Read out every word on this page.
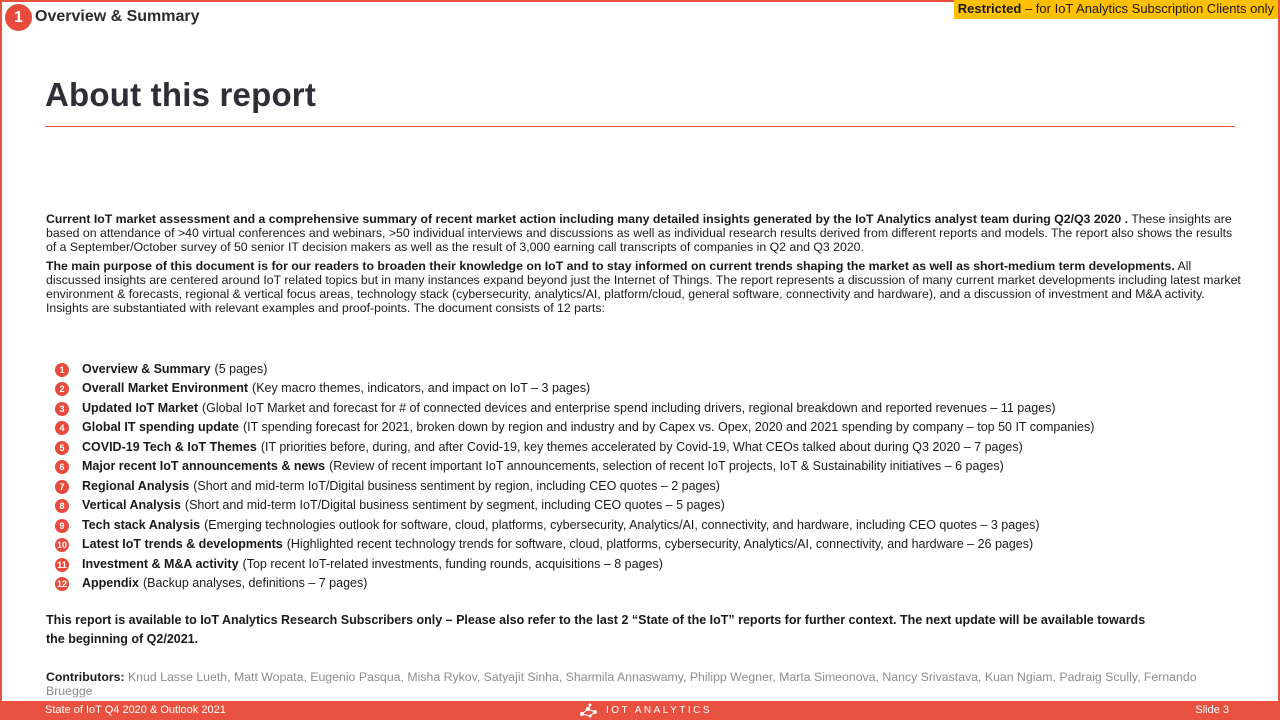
1 Overview & Summary	Restricted – for IoT Analytics Subscription Clients only
About this report

Current IoT market assessment and a comprehensive summary of recent market action including many detailed insights generated by the IoT Analytics analyst team during Q2/Q3 2020 . These insights are based on attendance of >40 virtual conferences and webinars, >50 individual interviews and discussions as well as individual research results derived from different reports and models. The report also shows the results of a September/October survey of 50 senior IT decision makers as well as the result of 3,000 earning call transcripts of companies in Q2 and Q3 2020.

The main purpose of this document is for our readers to broaden their knowledge on IoT and to stay informed on current trends shaping the market as well as short-medium term developments. All discussed insights are centered around IoT related topics but in many instances expand beyond just the Internet of Things. The report represents a discussion of many current market developments including latest market environment & forecasts, regional & vertical focus areas, technology stack (cybersecurity, analytics/AI, platform/cloud, general software, connectivity and hardware), and a discussion of investment and M&A activity. Insights are substantiated with relevant examples and proof-points. The document consists of 12 parts:

1	Overview & Summary (5 pages)
2	Overall Market Environment (Key macro themes, indicators, and impact on IoT – 3 pages)
3	Updated IoT Market (Global IoT Market and forecast for # of connected devices and enterprise spend including drivers, regional breakdown and reported revenues – 11 pages)
4	Global IT spending update (IT spending forecast for 2021, broken down by region and industry and by Capex vs. Opex, 2020 and 2021 spending by company – top 50 IT companies)
5	COVID-19 Tech & IoT Themes (IT priorities before, during, and after Covid-19, key themes accelerated by Covid-19, What CEOs talked about during Q3 2020 – 7 pages)
6	Major recent IoT announcements & news (Review of recent important IoT announcements, selection of recent IoT projects, IoT & Sustainability initiatives – 6 pages)
7	Regional Analysis (Short and mid-term IoT/Digital business sentiment by region, including CEO quotes – 2 pages)
8	Vertical Analysis (Short and mid-term IoT/Digital business sentiment by segment, including CEO quotes – 5 pages)
9	Tech stack Analysis (Emerging technologies outlook for software, cloud, platforms, cybersecurity, Analytics/AI, connectivity, and hardware, including CEO quotes – 3 pages)
10 Latest IoT trends & developments (Highlighted recent technology trends for software, cloud, platforms, cybersecurity, Analytics/AI, connectivity, and hardware – 26 pages)
11 Investment & M&A activity (Top recent IoT-related investments, funding rounds, acquisitions – 8 pages)
12 Appendix (Backup analyses, definitions – 7 pages)
This report is available to IoT Analytics Research Subscribers only – Please also refer to the last 2 “State of the IoT” reports for further context. The next update will be available towards the beginning of Q2/2021.
Contributors: Knud Lasse Lueth, Matt Wopata, Eugenio Pasqua, Misha Rykov, Satyajit Sinha, Sharmila Annaswamy, Philipp Wegner, Marta Simeonova, Nancy Srivastava, Kuan Ngiam, Padraig Scully, Fernando Bruegge
State of IoT Q4 2020 & Outlook 2021	IOT ANALYTICS	Slide 3
